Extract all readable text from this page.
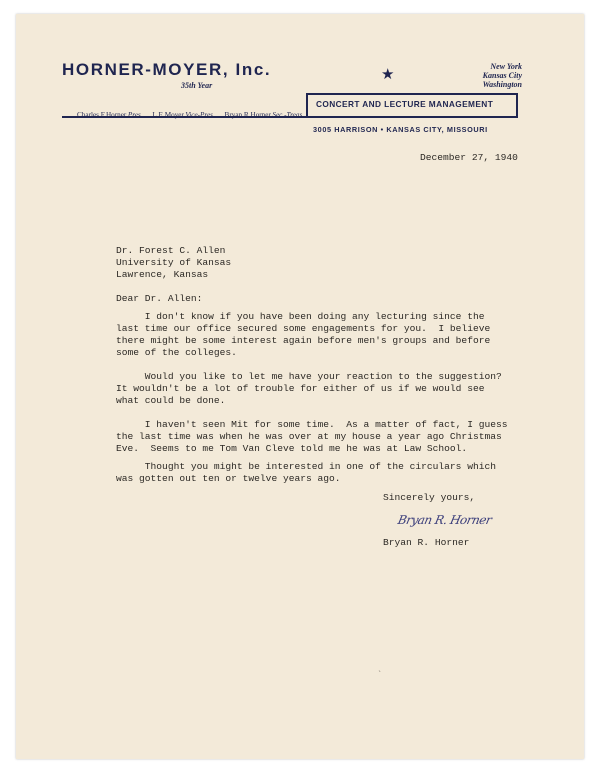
HORNER-MOYER, Inc.
35th Year
★	New York
Kansas City
Washington
CONCERT AND LECTURE MANAGEMENT
Charles F.Horner,Pres. L.E.Moyer,Vice-Pres. Bryan R.Horner,Sec.-Treas.
3005 HARRISON • KANSAS CITY, MISSOURI
December 27, 1940
Dr. Forest C. Allen
University of Kansas
Lawrence, Kansas
Dear Dr. Allen:
I don't know if you have been doing any lecturing since the
last time our office secured some engagements for you.  I believe
there might be some interest again before men's groups and before
some of the colleges.
Would you like to let me have your reaction to the suggestion?
It wouldn't be a lot of trouble for either of us if we would see
what could be done.
I haven't seen Mit for some time.  As a matter of fact, I guess
the last time was when he was over at my house a year ago Christmas
Eve.  Seems to me Tom Van Cleve told me he was at Law School.
Thought you might be interested in one of the circulars which
was gotten out ten or twelve years ago.
Sincerely yours,
Bryan R. Horner
Bryan R. Horner
ˎ
